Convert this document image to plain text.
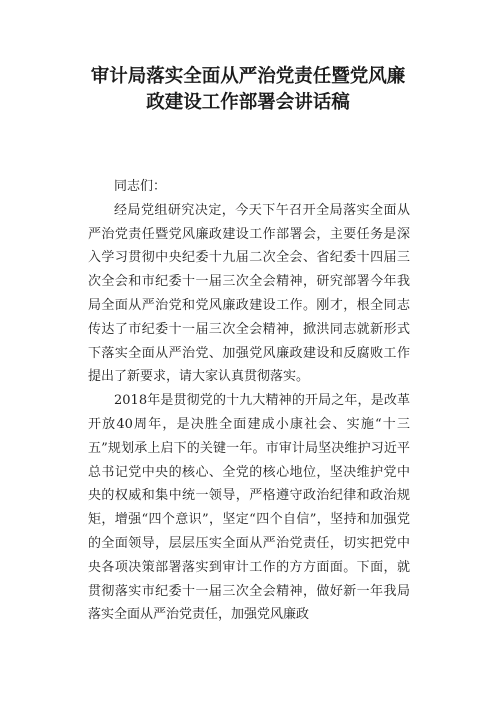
审计局落实全面从严治党责任暨党风廉
政建设工作部署会讲话稿

同志们：

经局党组研究决定，今天下午召开全局落实全面从严治党责任暨党风廉政建设工作部署会，主要任务是深入学习贯彻中央纪委十九届二次全会、省纪委十四届三次全会和市纪委十一届三次全会精神，研究部署今年我局全面从严治党和党风廉政建设工作。刚才，根全同志传达了市纪委十一届三次全会精神，掀洪同志就新形式下落实全面从严治党、加强党风廉政建设和反腐败工作提出了新要求，请大家认真贯彻落实。

2018年是贯彻党的十九大精神的开局之年，是改革开放40周年，是决胜全面建成小康社会、实施“十三五”规划承上启下的关键一年。市审计局坚决维护习近平总书记党中央的核心、全党的核心地位，坚决维护党中央的权威和集中统一领导，严格遵守政治纪律和政治规矩，增强“四个意识”，坚定“四个自信”，坚持和加强党的全面领导，层层压实全面从严治党责任，切实把党中央各项决策部署落实到审计工作的方方面面。下面，就贯彻落实市纪委十一届三次全会精神，做好新一年我局落实全面从严治党责任，加强党风廉政
